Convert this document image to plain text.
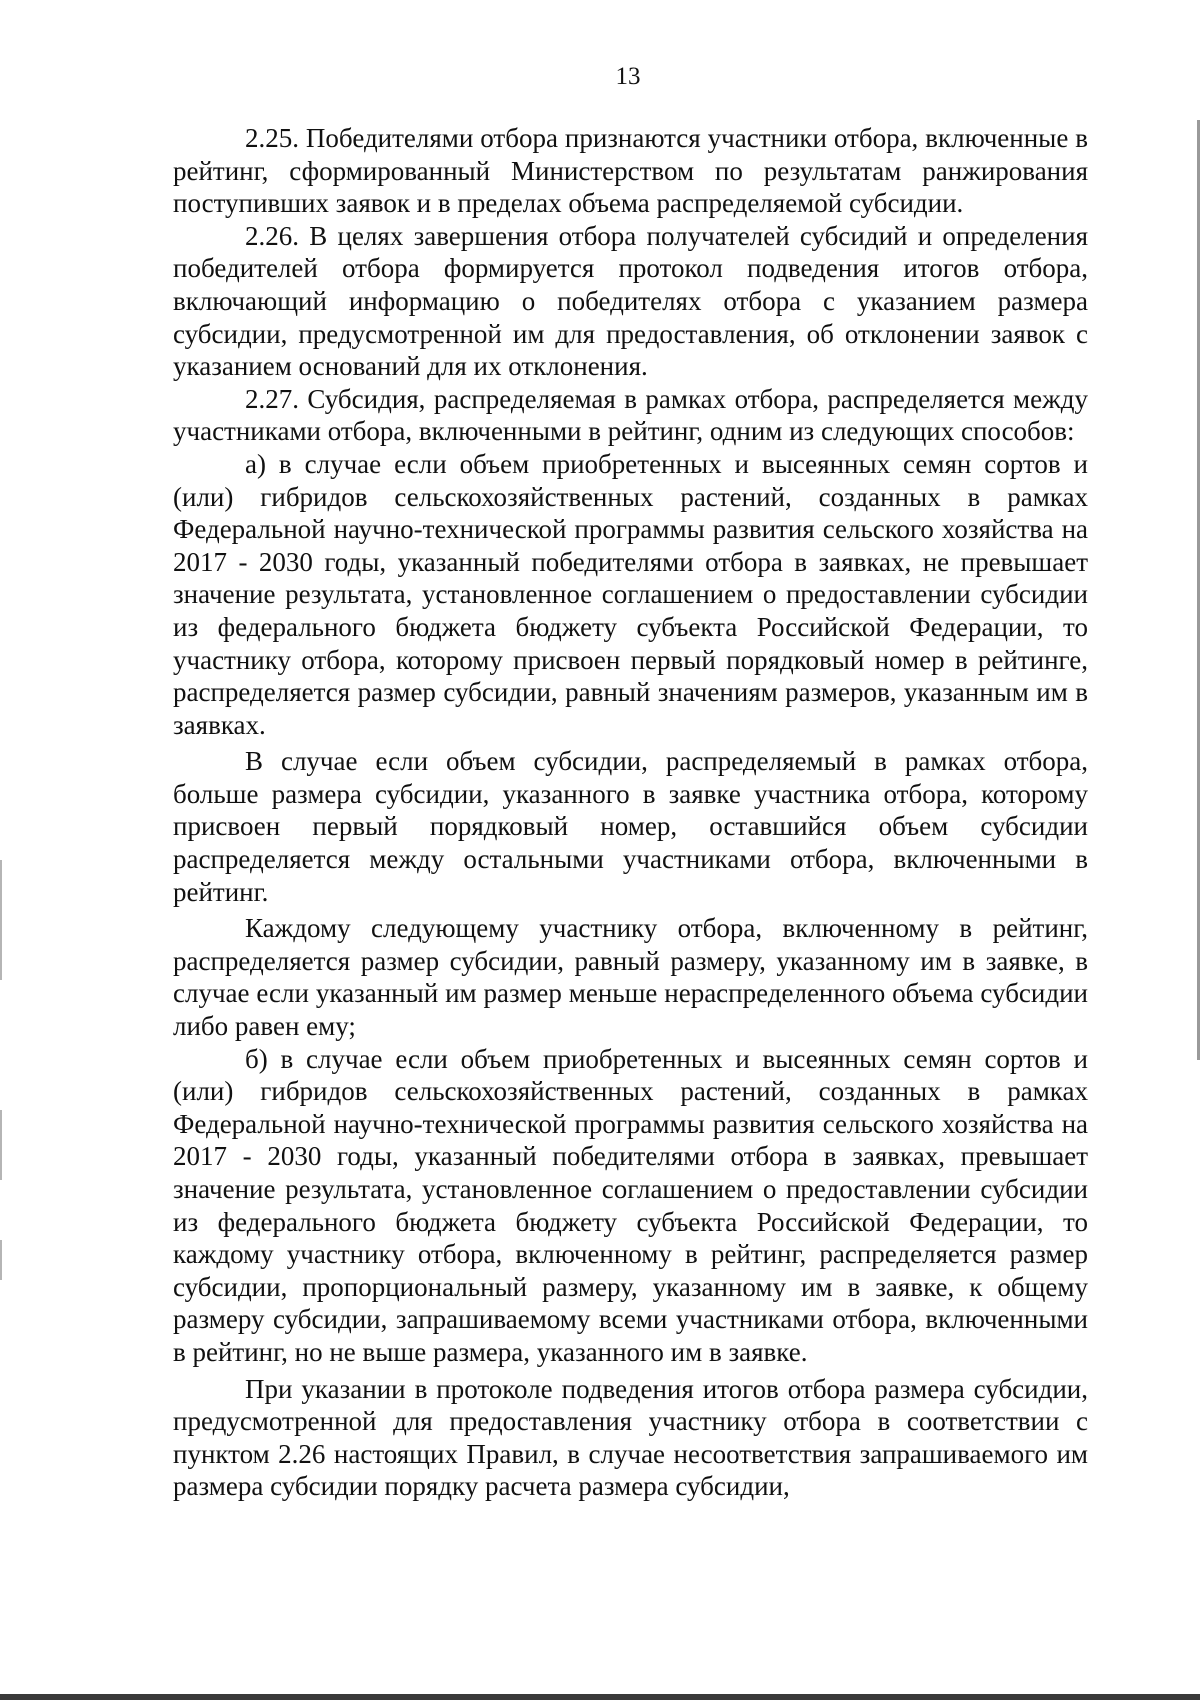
13

2.25. Победителями отбора признаются участники отбора, включенные в рейтинг, сформированный Министерством по результатам ранжирования поступивших заявок и в пределах объема распределяемой субсидии.

2.26. В целях завершения отбора получателей субсидий и определения победителей отбора формируется протокол подведения итогов отбора, включающий информацию о победителях отбора с указанием размера субсидии, предусмотренной им для предоставления, об отклонении заявок с указанием оснований для их отклонения.

2.27. Субсидия, распределяемая в рамках отбора, распределяется между участниками отбора, включенными в рейтинг, одним из следующих способов:

а) в случае если объем приобретенных и высеянных семян сортов и (или) гибридов сельскохозяйственных растений, созданных в рамках Федеральной научно-технической программы развития сельского хозяйства на 2017 - 2030 годы, указанный победителями отбора в заявках, не превышает значение результата, установленное соглашением о предоставлении субсидии из федерального бюджета бюджету субъекта Российской Федерации, то участнику отбора, которому присвоен первый порядковый номер в рейтинге, распределяется размер субсидии, равный значениям размеров, указанным им в заявках.

В случае если объем субсидии, распределяемый в рамках отбора, больше размера субсидии, указанного в заявке участника отбора, которому присвоен первый порядковый номер, оставшийся объем субсидии распределяется между остальными участниками отбора, включенными в рейтинг.

Каждому следующему участнику отбора, включенному в рейтинг, распределяется размер субсидии, равный размеру, указанному им в заявке, в случае если указанный им размер меньше нераспределенного объема субсидии либо равен ему;

б) в случае если объем приобретенных и высеянных семян сортов и (или) гибридов сельскохозяйственных растений, созданных в рамках Федеральной научно-технической программы развития сельского хозяйства на 2017 - 2030 годы, указанный победителями отбора в заявках, превышает значение результата, установленное соглашением о предоставлении субсидии из федерального бюджета бюджету субъекта Российской Федерации, то каждому участнику отбора, включенному в рейтинг, распределяется размер субсидии, пропорциональный размеру, указанному им в заявке, к общему размеру субсидии, запрашиваемому всеми участниками отбора, включенными в рейтинг, но не выше размера, указанного им в заявке.

При указании в протоколе подведения итогов отбора размера субсидии, предусмотренной для предоставления участнику отбора в соответствии с пунктом 2.26 настоящих Правил, в случае несоответствия запрашиваемого им размера субсидии порядку расчета размера субсидии,
